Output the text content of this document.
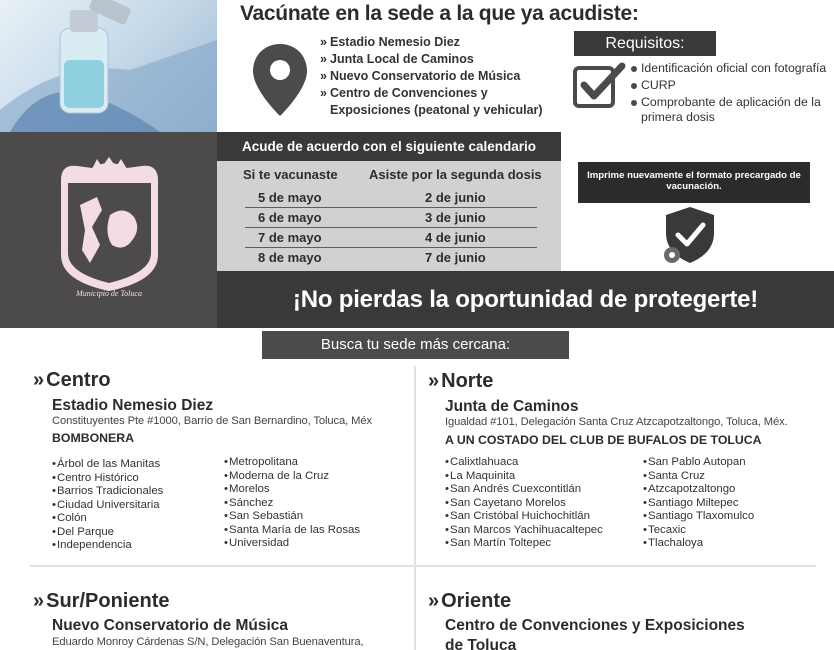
Vacúnate en la sede a la que ya acudiste:
» Estadio Nemesio Diez
» Junta Local de Caminos
» Nuevo Conservatorio de Música
» Centro de Convenciones y Exposiciones (peatonal y vehicular)
Requisitos:
Identificación oficial con fotografía
CURP
Comprobante de aplicación de la primera dosis
Municipio de Toluca
Acude de acuerdo con el siguiente calendario
Si te vacunaste Asiste por la segunda dosis
5 de mayo	2 de junio
6 de mayo	3 de junio
7 de mayo	4 de junio
8 de mayo	7 de junio
Imprime nuevamente el formato precargado de vacunación.
¡No pierdas la oportunidad de protegerte!
Busca tu sede más cercana:
» Centro
Estadio Nemesio Diez
Constituyentes Pte #1000, Barrio de San Bernardino, Toluca, Méx
BOMBONERA
• Árbol de las Manitas
• Centro Histórico
• Barrios Tradicionales
• Ciudad Universitaria
• Colón
• Del Parque
• Independencia
• Metropolitana
• Moderna de la Cruz
• Morelos
• Sánchez
• San Sebastián
• Santa María de las Rosas
• Universidad
» Norte
Junta de Caminos
Igualdad #101, Delegación Santa Cruz Atzcapotzaltongo, Toluca, Méx.
A UN COSTADO DEL CLUB DE BUFALOS DE TOLUCA
• Calixtlahuaca
• La Maquinita
• San Andrés Cuexcontitlán
• San Cayetano Morelos
• San Cristóbal Huichochitlán
• San Marcos Yachihuacaltepec
• San Martín Toltepec
• San Pablo Autopan
• Santa Cruz
• Atzcapotzaltongo
• Santiago Miltepec
• Santiago Tlaxomulco
• Tecaxic
• Tlachaloya
» Sur/Poniente
Nuevo Conservatorio de Música
Eduardo Monroy Cárdenas S/N, Delegación San Buenaventura,
» Oriente
Centro de Convenciones y Exposiciones
de Toluca
